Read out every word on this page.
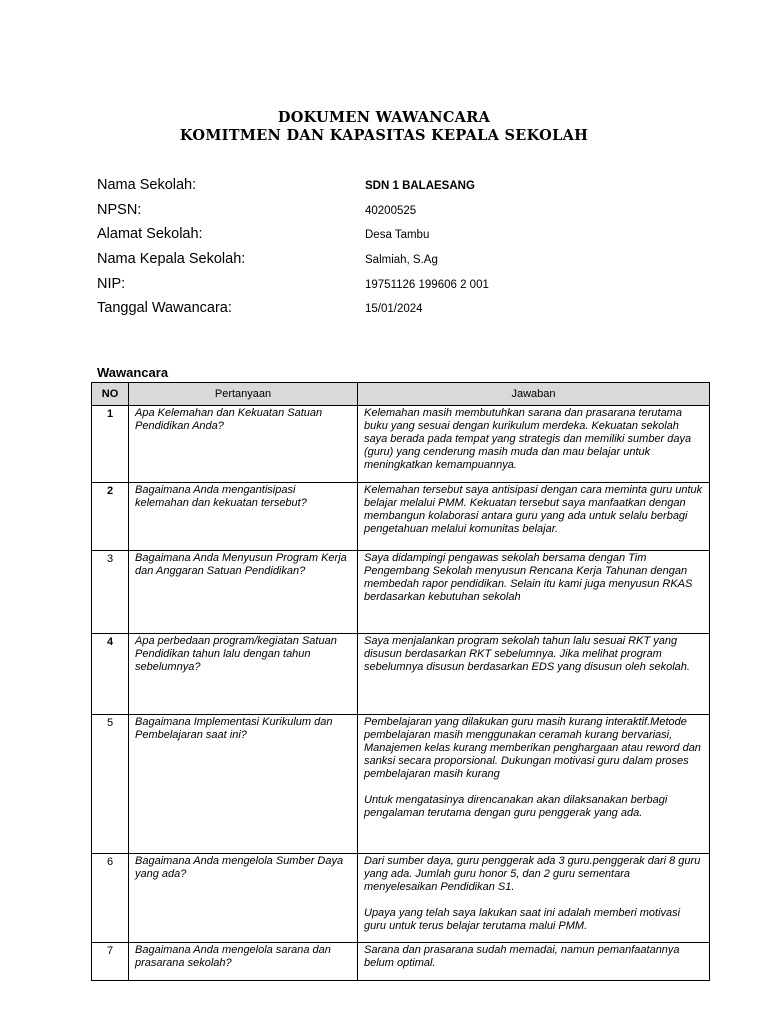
DOKUMEN WAWANCARA
KOMITMEN DAN KAPASITAS KEPALA SEKOLAH
Nama Sekolah:	SDN 1 BALAESANG
NPSN:	40200525
Alamat Sekolah:	Desa Tambu
Nama Kepala Sekolah:	Salmiah, S.Ag
NIP:	19751126 199606 2 001
Tanggal Wawancara:	15/01/2024
Wawancara
NO	Pertanyaan	Jawaban
1	Apa Kelemahan dan Kekuatan Satuan Pendidikan Anda?	Kelemahan masih membutuhkan sarana dan prasarana terutama buku yang sesuai dengan kurikulum merdeka. Kekuatan sekolah saya berada pada tempat yang strategis dan memiliki sumber daya (guru) yang cenderung masih muda dan mau belajar untuk meningkatkan kemampuannya.

2	Bagaimana Anda mengantisipasi kelemahan dan kekuatan tersebut?	Kelemahan tersebut saya antisipasi dengan cara meminta guru untuk belajar melalui PMM. Kekuatan tersebut saya manfaatkan dengan membangun kolaborasi antara guru yang ada untuk selalu berbagi pengetahuan melalui komunitas belajar.

3	Bagaimana Anda Menyusun Program Kerja dan Anggaran Satuan Pendidikan?	Saya didampingi pengawas sekolah bersama dengan Tim Pengembang Sekolah menyusun Rencana Kerja Tahunan dengan membedah rapor pendidikan. Selain itu kami juga menyusun RKAS berdasarkan kebutuhan sekolah

4	Apa perbedaan program/kegiatan Satuan Pendidikan tahun lalu dengan tahun sebelumnya?	Saya menjalankan program sekolah tahun lalu sesuai RKT yang disusun berdasarkan RKT sebelumnya. Jika melihat program sebelumnya disusun berdasarkan EDS yang disusun oleh sekolah.

5	Bagaimana Implementasi Kurikulum dan Pembelajaran saat ini?	Pembelajaran yang dilakukan guru masih kurang interaktif.Metode pembelajaran masih menggunakan ceramah kurang bervariasi, Manajemen kelas kurang memberikan penghargaan atau reword dan sanksi secara proporsional. Dukungan motivasi guru dalam proses pembelajaran masih kurang
Untuk mengatasinya direncanakan akan dilaksanakan berbagi pengalaman terutama dengan guru penggerak yang ada.

6	Bagaimana Anda mengelola Sumber Daya yang ada?	Dari sumber daya, guru penggerak ada 3 guru.penggerak dari 8 guru yang ada. Jumlah guru honor 5, dan 2 guru sementara menyelesaikan Pendidikan S1.
Upaya yang telah saya lakukan saat ini adalah memberi motivasi guru untuk terus belajar terutama malui PMM.

7	Bagaimana Anda mengelola sarana dan prasarana sekolah?	Sarana dan prasarana sudah memadai, namun pemanfaatannya belum optimal.
